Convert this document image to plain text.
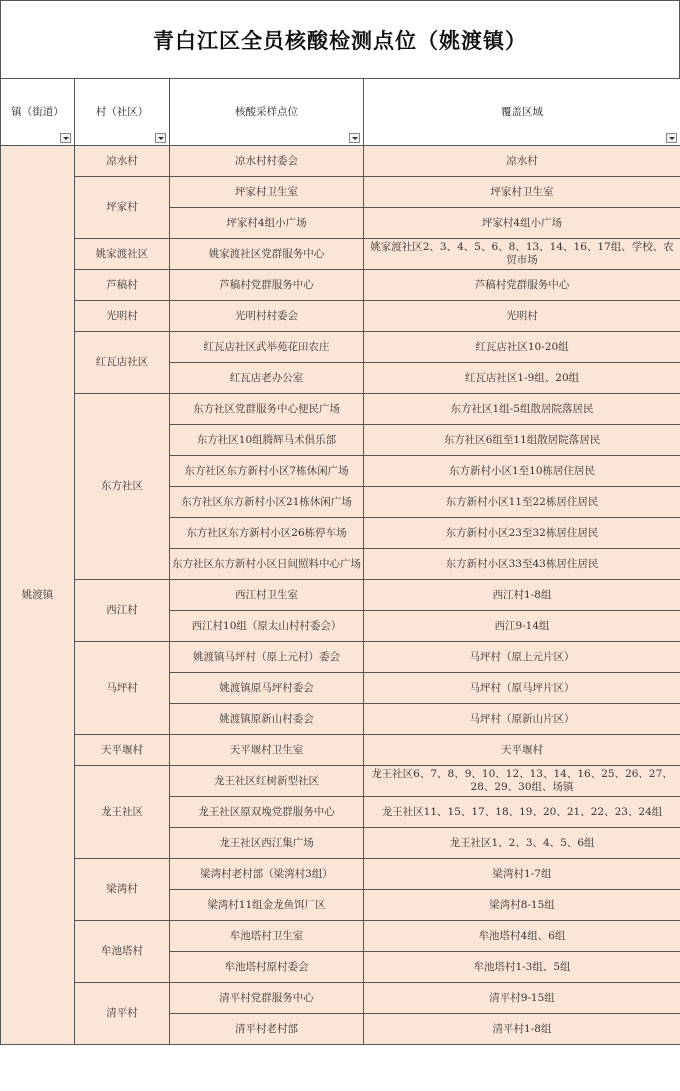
青白江区全员核酸检测点位（姚渡镇）
镇（街道）	村（社区）	核酸采样点位	覆盖区域

姚渡镇	凉水村	凉水村村委会	凉水村
	坪家村	坪家村卫生室	坪家村卫生室
		坪家村4组小广场	坪家村4组小广场
	姚家渡社区	姚家渡社区党群服务中心	姚家渡社区2、3、4、5、6、8、13、14、16、17组、学校、农贸市场
	芦稿村	芦稿村党群服务中心	芦稿村党群服务中心
	光明村	光明村村委会	光明村
	红瓦店社区	红瓦店社区武举苑花田农庄	红瓦店社区10-20组
		红瓦店老办公室	红瓦店社区1-9组、20组
	东方社区	东方社区党群服务中心便民广场	东方社区1组-5组散居院落居民
		东方社区10组腾辉马术俱乐部	东方社区6组至11组散居院落居民
		东方社区东方新村小区7栋休闲广场	东方新村小区1至10栋居住居民
		东方社区东方新村小区21栋休闲广场	东方新村小区11至22栋居住居民
		东方社区东方新村小区26栋停车场	东方新村小区23至32栋居住居民
		东方社区东方新村小区日间照料中心广场	东方新村小区33至43栋居住居民
	西江村	西江村卫生室	西江村1-8组
		西江村10组（原太山村村委会）	西江9-14组
	马坪村	姚渡镇马坪村（原上元村）委会	马坪村（原上元片区）
		姚渡镇原马坪村委会	马坪村（原马坪片区）
		姚渡镇原新山村委会	马坪村（原新山片区）
	天平堰村	天平堰村卫生室	天平堰村
	龙王社区	龙王社区红树新型社区	龙王社区6、7、8、9、10、12、13、14、16、25、26、27、28、29、30组、场镇
		龙王社区原双堍党群服务中心	龙王社区11、15、17、18、19、20、21、22、23、24组
		龙王社区西江集广场	龙王社区1、2、3、4、5、6组
	梁湾村	梁湾村老村部（梁湾村3组）	梁湾村1-7组
		梁湾村11组金龙鱼饵厂区	梁湾村8-15组
	牟池塔村	牟池塔村卫生室	牟池塔村4组、6组
		牟池塔村原村委会	牟池塔村1-3组、5组
	清平村	清平村党群服务中心	清平村9-15组
		清平村老村部	清平村1-8组
